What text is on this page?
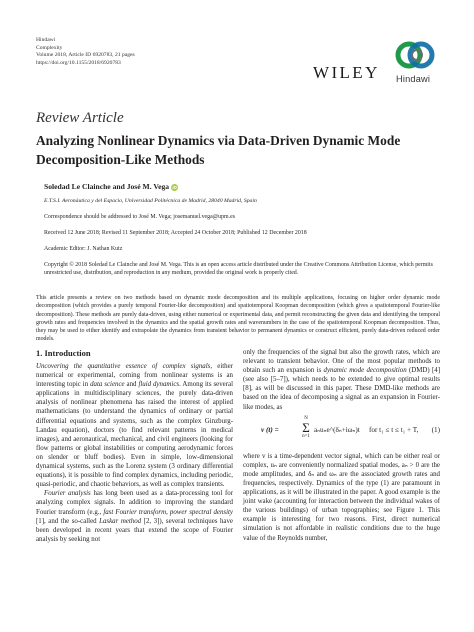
Hindawi
Complexity
Volume 2018, Article ID 6920783, 21 pages
https://doi.org/10.1155/2018/6920783
WILEY Hindawi
Review Article
Analyzing Nonlinear Dynamics via Data-Driven Dynamic Mode Decomposition-Like Methods
Soledad Le Clainche and José M. Vega iD
E.T.S.I. Aeronáutica y del Espacio, Universidad Politécnica de Madrid, 28040 Madrid, Spain
Correspondence should be addressed to José M. Vega; josemanuel.vega@upm.es
Received 12 June 2018; Revised 11 September 2018; Accepted 24 October 2018; Published 12 December 2018
Academic Editor: J. Nathan Kutz
Copyright © 2018 Soledad Le Clainche and José M. Vega. This is an open access article distributed under the Creative Commons Attribution License, which permits unrestricted use, distribution, and reproduction in any medium, provided the original work is properly cited.
This article presents a review on two methods based on dynamic mode decomposition and its multiple applications, focusing on higher order dynamic mode decomposition (which provides a purely temporal Fourier-like decomposition) and spatiotemporal Koopman decomposition (which gives a spatiotemporal Fourier-like decomposition). These methods are purely data-driven, using either numerical or experimental data, and permit reconstructing the given data and identifying the temporal growth rates and frequencies involved in the dynamics and the spatial growth rates and wavenumbers in the case of the spatiotemporal Koopman decomposition. Thus, they may be used to either identify and extrapolate the dynamics from transient behavior to permanent dynamics or construct efficient, purely data-driven reduced order models.
1. Introduction

Uncovering the quantitative essence of complex signals, either numerical or experimental, coming from nonlinear systems is an interesting topic in data science and fluid dynamics. Among its several applications in multidisciplinary sciences, the purely data-driven analysis of nonlinear phenomena has raised the interest of applied mathematicians (to understand the dynamics of ordinary or partial differential equations and systems, such as the complex Ginzburg-Landau equation), doctors (to find relevant patterns in medical images), and aeronautical, mechanical, and civil engineers (looking for flow patterns or global instabilities or computing aerodynamic forces on slender or bluff bodies). Even in simple, low-dimensional dynamical systems, such as the Lorenz system (3 ordinary differential equations), it is possible to find complex dynamics, including periodic, quasi-periodic, and chaotic behaviors, as well as complex transients.

Fourier analysis has long been used as a data-processing tool for analyzing complex signals. In addition to improving the standard Fourier transform (e.g., fast Fourier transform, power spectral density [1], and the so-called Laskar method [2, 3]), several techniques have been developed in recent years that extend the scope of Fourier analysis by seeking not

only the frequencies of the signal but also the growth rates, which are relevant to transient behavior. One of the most popular methods to obtain such an expansion is dynamic mode decomposition (DMD) [4] (see also [5–7]), which needs to be extended to give optimal results [8], as will be discussed in this paper. These DMD-like methods are based on the idea of decomposing a signal as an expansion in Fourier-like modes, as

v (t) =
N
Σ
n=1
aₙuₙe^(δₙ+iωₙ)t for t₁ ≤ t ≤ t₁ + T, (1)

where v is a time-dependent vector signal, which can be either real or complex, uₙ are conveniently normalized spatial modes, aₙ > 0 are the mode amplitudes, and δₙ and ωₙ are the associated growth rates and frequencies, respectively. Dynamics of the type (1) are paramount in applications, as it will be illustrated in the paper. A good example is the joint wake (accounting for interaction between the individual wakes of the various buildings) of urban topographies; see Figure 1. This example is interesting for two reasons. First, direct numerical simulation is not affordable in realistic conditions due to the huge value of the Reynolds number,
